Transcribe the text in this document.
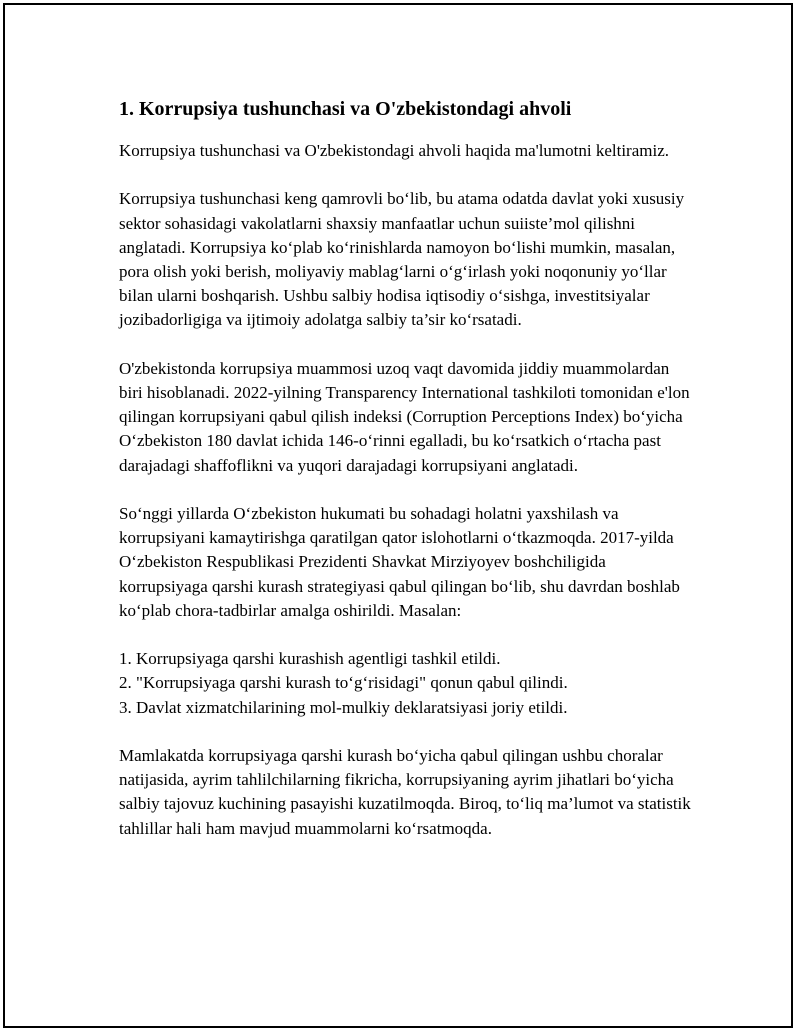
1. Korrupsiya tushunchasi va O'zbekistondagi ahvoli

Korrupsiya tushunchasi va O'zbekistondagi ahvoli haqida ma'lumotni keltiramiz.

Korrupsiya tushunchasi keng qamrovli bo‘lib, bu atama odatda davlat yoki xususiy sektor sohasidagi vakolatlarni shaxsiy manfaatlar uchun suiiste’mol qilishni anglatadi. Korrupsiya ko‘plab ko‘rinishlarda namoyon bo‘lishi mumkin, masalan, pora olish yoki berish, moliyaviy mablag‘larni o‘g‘irlash yoki noqonuniy yo‘llar bilan ularni boshqarish. Ushbu salbiy hodisa iqtisodiy o‘sishga, investitsiyalar jozibadorligiga va ijtimoiy adolatga salbiy ta’sir ko‘rsatadi.

O'zbekistonda korrupsiya muammosi uzoq vaqt davomida jiddiy muammolardan biri hisoblanadi. 2022-yilning Transparency International tashkiloti tomonidan e'lon qilingan korrupsiyani qabul qilish indeksi (Corruption Perceptions Index) bo‘yicha O‘zbekiston 180 davlat ichida 146-o‘rinni egalladi, bu ko‘rsatkich o‘rtacha past darajadagi shaffoflikni va yuqori darajadagi korrupsiyani anglatadi.

So‘nggi yillarda O‘zbekiston hukumati bu sohadagi holatni yaxshilash va korrupsiyani kamaytirishga qaratilgan qator islohotlarni o‘tkazmoqda. 2017-yilda O‘zbekiston Respublikasi Prezidenti Shavkat Mirziyoyev boshchiligida korrupsiyaga qarshi kurash strategiyasi qabul qilingan bo‘lib, shu davrdan boshlab ko‘plab chora-tadbirlar amalga oshirildi. Masalan:

1. Korrupsiyaga qarshi kurashish agentligi tashkil etildi.
2. "Korrupsiyaga qarshi kurash to‘g‘risidagi" qonun qabul qilindi.
3. Davlat xizmatchilarining mol-mulkiy deklaratsiyasi joriy etildi.

Mamlakatda korrupsiyaga qarshi kurash bo‘yicha qabul qilingan ushbu choralar natijasida, ayrim tahlilchilarning fikricha, korrupsiyaning ayrim jihatlari bo‘yicha salbiy tajovuz kuchining pasayishi kuzatilmoqda. Biroq, to‘liq ma’lumot va statistik tahlillar hali ham mavjud muammolarni ko‘rsatmoqda.
